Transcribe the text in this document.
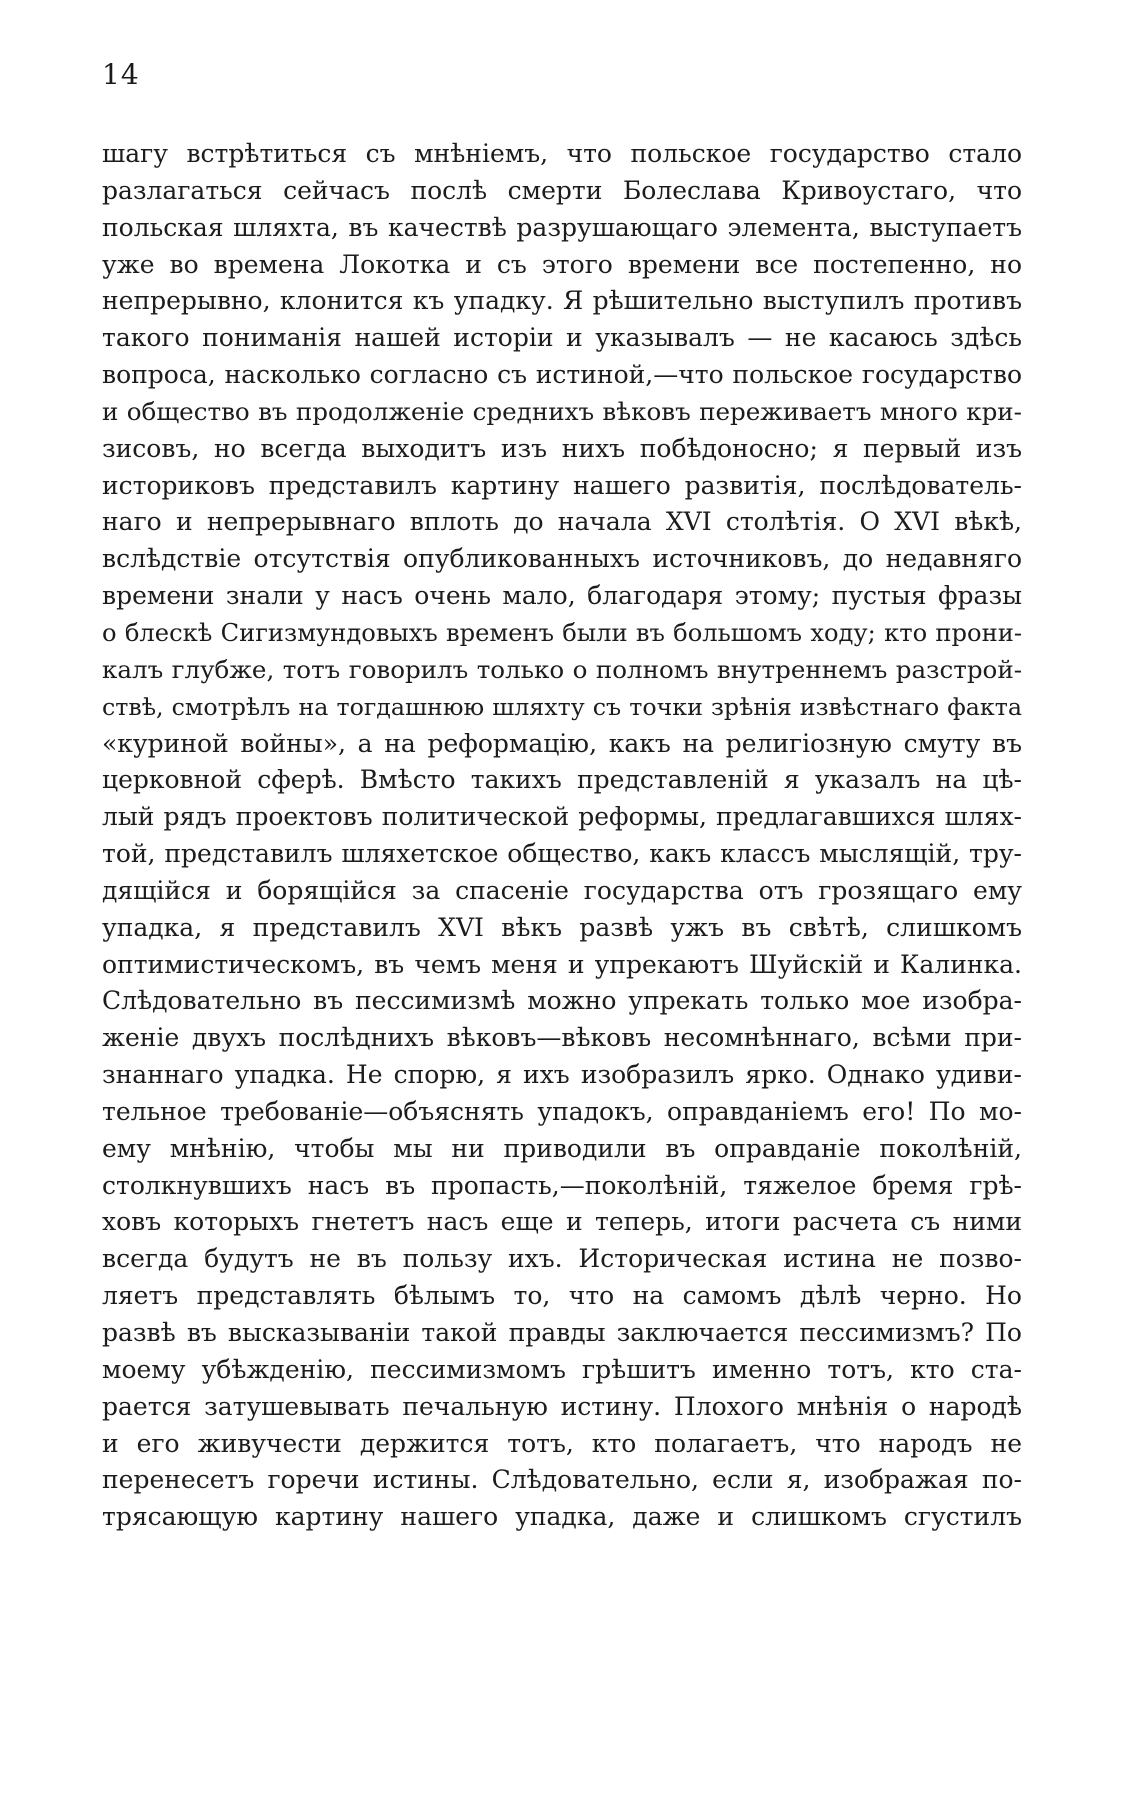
14
шагу встрѣтиться съ мнѣніемъ, что польское государство стало
разлагаться сейчасъ послѣ смерти Болеслава Кривоустаго, что
польская шляхта, въ качествѣ разрушающаго элемента, выступаетъ
уже во времена Локотка и съ этого времени все постепенно, но
непрерывно, клонится къ упадку. Я рѣшительно выступилъ противъ
такого пониманія нашей исторіи и указывалъ — не касаюсь здѣсь
вопроса, насколько согласно съ истиной,—что польское государствo
и общество въ продолженіе среднихъ вѣковъ переживаетъ много кри-
зисовъ, но всегда выходитъ изъ нихъ побѣдоносно; я первый изъ
историковъ представилъ картину нашего развитія, послѣдователь-
наго и непрерывнаго вплоть до начала XVI столѣтія. О XVI вѣкѣ,
вслѣдствіе отсутствія опубликованныхъ источниковъ, до недавняго
времени знали у насъ очень мало, благодаря этому; пустыя фразы
о блескѣ Сигизмундовыхъ временъ были въ большомъ ходу; кто прони-
калъ глубже, тотъ говорилъ только о полномъ внутреннемъ разстрой-
ствѣ, смотрѣлъ на тогдашнюю шляхту съ точки зрѣнія извѣстнаго факта
«куриной войны», а на реформацію, какъ на религіозную смуту въ
церковной сферѣ. Вмѣсто такихъ представленій я указалъ на цѣ-
лый рядъ проектовъ политической реформы, предлагавшихся шлях-
той, представилъ шляхетское общество, какъ классъ мыслящій, тру-
дящійся и борящійся за спасеніе государства отъ грозящаго ему
упадка, я представилъ XVI вѣкъ развѣ ужъ въ свѣтѣ, слишкомъ
оптимистическомъ, въ чемъ меня и упрекаютъ Шуйскій и Калинка.
Слѣдовательно въ пессимизмѣ можно упрекать только мое изобра-
женіе двухъ послѣднихъ вѣковъ—вѣковъ несомнѣннаго, всѣми при-
знаннаго упадка. Не спорю, я ихъ изобразилъ ярко. Однако удиви-
тельное требованіе—объяснять упадокъ, оправданіемъ его! По мо-
ему мнѣнію, чтобы мы ни приводили въ оправданіе поколѣній,
столкнувшихъ насъ въ пропасть,—поколѣній, тяжелое бремя грѣ-
ховъ которыхъ гнететъ насъ еще и теперь, итоги расчета съ ними
всегда будутъ не въ пользу ихъ. Историческая истина не позво-
ляетъ представлять бѣлымъ то, что на самомъ дѣлѣ черно. Но
развѣ въ высказываніи такой правды заключается пессимизмъ? По
моему убѣжденію, пессимизмомъ грѣшитъ именно тотъ, кто ста-
рается затушевывать печальную истину. Плохого мнѣнія о народѣ
и его живучести держится тотъ, кто полагаетъ, что народъ не
перенесетъ горечи истины. Слѣдовательно, если я, изображая по-
трясающую картину нашего упадка, даже и слишкомъ сгустилъ
